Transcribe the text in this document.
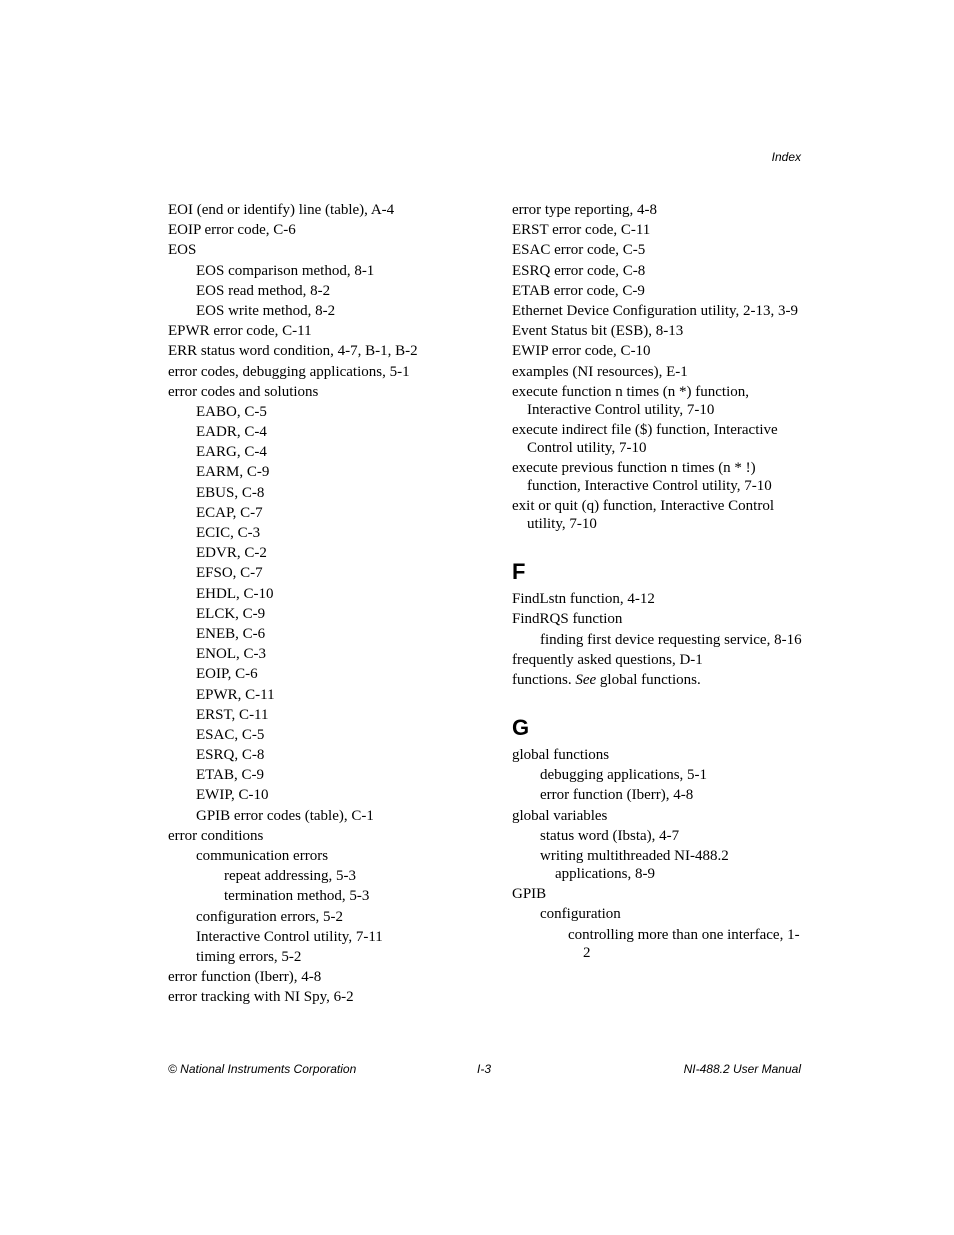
Index
EOI (end or identify) line (table), A-4
EOIP error code, C-6
EOS
EOS comparison method, 8-1
EOS read method, 8-2
EOS write method, 8-2
EPWR error code, C-11
ERR status word condition, 4-7, B-1, B-2
error codes, debugging applications, 5-1
error codes and solutions
EABO, C-5
EADR, C-4
EARG, C-4
EARM, C-9
EBUS, C-8
ECAP, C-7
ECIC, C-3
EDVR, C-2
EFSO, C-7
EHDL, C-10
ELCK, C-9
ENEB, C-6
ENOL, C-3
EOIP, C-6
EPWR, C-11
ERST, C-11
ESAC, C-5
ESRQ, C-8
ETAB, C-9
EWIP, C-10
GPIB error codes (table), C-1
error conditions
communication errors
repeat addressing, 5-3
termination method, 5-3
configuration errors, 5-2
Interactive Control utility, 7-11
timing errors, 5-2
error function (Iberr), 4-8
error tracking with NI Spy, 6-2
error type reporting, 4-8
ERST error code, C-11
ESAC error code, C-5
ESRQ error code, C-8
ETAB error code, C-9
Ethernet Device Configuration utility, 2-13, 3-9
Event Status bit (ESB), 8-13
EWIP error code, C-10
examples (NI resources), E-1
execute function n times (n *) function, Interactive Control utility, 7-10
execute indirect file ($) function, Interactive Control utility, 7-10
execute previous function n times (n * !) function, Interactive Control utility, 7-10
exit or quit (q) function, Interactive Control utility, 7-10
F
FindLstn function, 4-12
FindRQS function
finding first device requesting service, 8-16
frequently asked questions, D-1
functions. See global functions.
G
global functions
debugging applications, 5-1
error function (Iberr), 4-8
global variables
status word (Ibsta), 4-7
writing multithreaded NI-488.2 applications, 8-9
GPIB
configuration
controlling more than one interface, 1-2
© National Instruments Corporation	I-3	NI-488.2 User Manual
